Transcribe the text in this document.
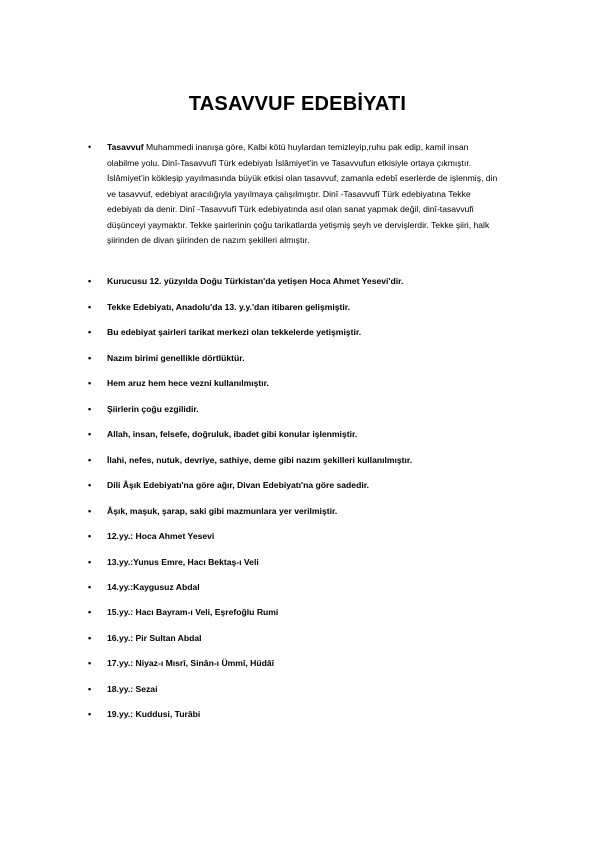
TASAVVUF EDEBİYATI
• Tasavvuf Muhammedi inanışa göre, Kalbi kötü huylardan temizleyip,ruhu pak edip, kamil insan olabilme yolu. Dinî-Tasavvufî Türk edebiyatı İslâmiyet’in ve Tasavvufun etkisiyle ortaya çıkmıştır. İslâmiyet’in kökleşip yayılmasında büyük etkisi olan tasavvuf, zamanla edebî eserlerde de işlenmiş, din ve tasavvuf, edebiyat aracılığıyla yayılmaya çalışılmıştır. Dinî -Tasavvufî Türk edebiyatına Tekke edebiyatı da denir. Dinî -Tasavvufî Türk edebiyatında asıl olan sanat yapmak değil, dinî-tasavvufi düşünceyi yaymaktır. Tekke şairlerinin çoğu tarikatlarda yetişmiş şeyh ve dervişlerdir. Tekke şiiri, halk şiirinden de divan şiirinden de nazım şekilleri almıştır.
• Kurucusu 12. yüzyılda Doğu Türkistan'da yetişen Hoca Ahmet Yesevi'dir.
• Tekke Edebiyatı, Anadolu'da 13. y.y.'dan itibaren gelişmiştir.
• Bu edebiyat şairleri tarikat merkezi olan tekkelerde yetişmiştir.
• Nazım birimi genellikle dörtlüktür.
• Hem aruz hem hece vezni kullanılmıştır.
• Şiirlerin çoğu ezgilidir.
• Allah, insan, felsefe, doğruluk, ibadet gibi konular işlenmiştir.
• İlahi, nefes, nutuk, devriye, sathiye, deme gibi nazım şekilleri kullanılmıştır.
• Dili Âşık Edebiyatı'na göre ağır, Divan Edebiyatı'na göre sadedir.
• Âşık, maşuk, şarap, saki gibi mazmunlara yer verilmiştir.
• 12.yy.: Hoca Ahmet Yesevi
• 13.yy.:Yunus Emre, Hacı Bektaş-ı Veli
• 14.yy.:Kaygusuz Abdal
• 15.yy.: Hacı Bayram-ı Veli, Eşrefoğlu Rumi
• 16.yy.: Pir Sultan Abdal
• 17.yy.: Niyaz-ı Mısrî, Sinân-ı Ümmî, Hüdâî
• 18.yy.: Sezai
• 19.yy.: Kuddusi, Turâbi
